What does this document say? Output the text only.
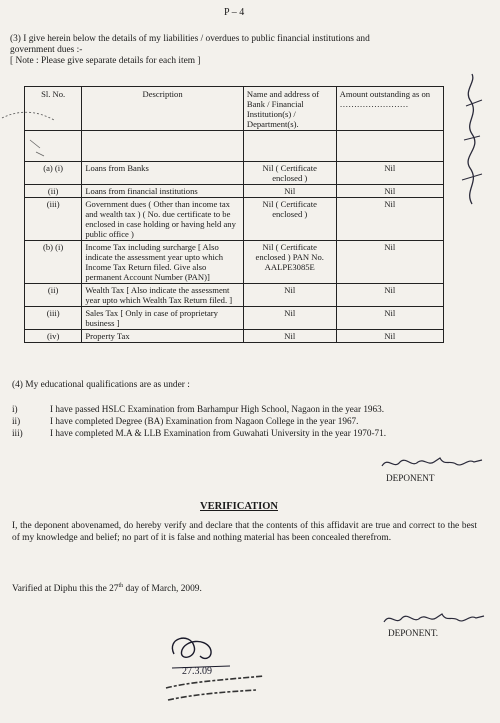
P – 4
(3) I give herein below the details of my liabilities / overdues to public financial institutions and government dues :-
[ Note : Please give separate details for each item ]
Sl. No.	Description	Name and address of Bank / Financial Institution(s) / Department(s).	Amount outstanding as on
……………………

(a) (i)	Loans from Banks	Nil ( Certificate enclosed )	Nil
(ii)	Loans from financial institutions	Nil	Nil
(iii)	Government dues ( Other than income tax and wealth tax ) ( No. due certificate to be enclosed in case holding or having held any public office )	Nil ( Certificate enclosed )	Nil
(b) (i)	Income Tax including surcharge [ Also indicate the assessment year upto which Income Tax Return filed. Give also permanent Account Number (PAN)]	Nil ( Certificate enclosed ) PAN No. AALPE3085E	Nil
(ii)	Wealth Tax [ Also indicate the assessment year upto which Wealth Tax Return filed. ]	Nil	Nil
(iii)	Sales Tax [ Only in case of proprietary business ]	Nil	Nil
(iv)	Property Tax	Nil	Nil
(4) My educational qualifications are as under :
i)	I have passed HSLC Examination from Barhampur High School, Nagaon in the year 1963.
ii)	I have completed Degree (BA) Examination from Nagaon College in the year 1967.
iii)	I have completed M.A & LLB Examination from Guwahati University in the year 1970-71.
DEPONENT
VERIFICATION
I, the deponent abovenamed, do hereby verify and declare that the contents of this affidavit are true and correct to the best of my knowledge and belief; no part of it is false and nothing material has been concealed therefrom.
Varified at Diphu this the 27th day of March, 2009.
DEPONENT.
27.3.09
